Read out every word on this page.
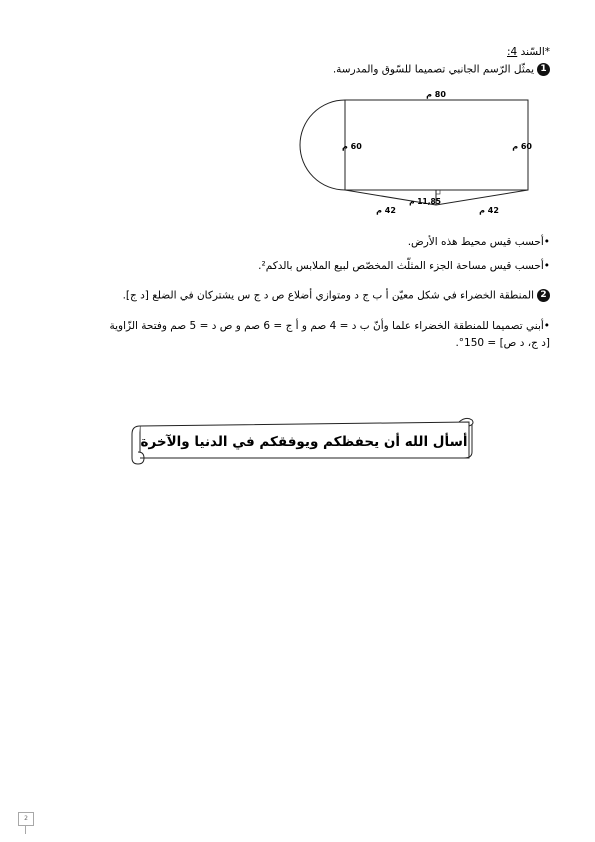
*السّند 4:
1يمثّل الرّسم الجانبي تصميما للسّوق والمدرسة.
80 م
60 م	60 م
11,85 م
42 م	42 م
•أحسب قيس محيط هذه الأرض.
•أحسب قيس مساحة الجزء المثلّث المخصّص لبيع الملابس بالدكم².
2المنطقة الخضراء في شكل معيّن أ ب ج د ومتوازي أضلاع ص د ج س يشتركان في الضلع [د ج].
•أبني تصميما للمنطقة الخضراء علما وأنّ ب د = 4 صم و أ ج = 6 صم و ص د = 5 صم وفتحة الزّاوية
[د ج، د ص] = 150°.
أسأل الله أن يحفظكم ويوفقكم في الدنيا والآخرة
2
